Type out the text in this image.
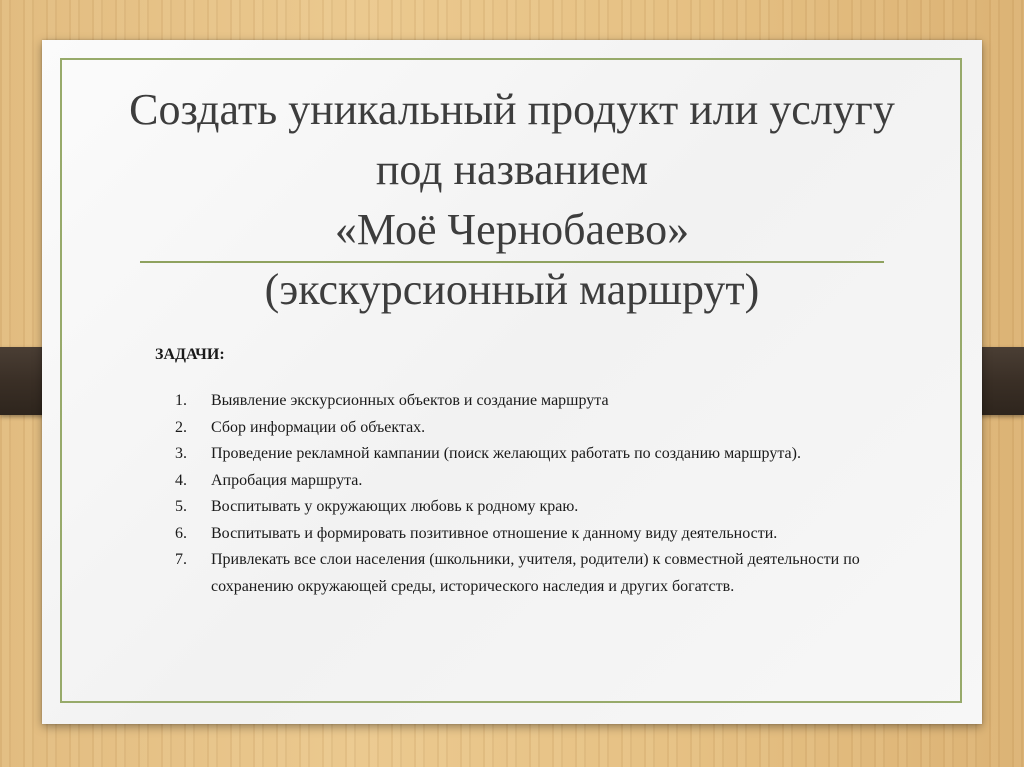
Создать уникальный продукт или услугу
под названием
«Моё Чернобаево»
(экскурсионный маршрут)
ЗАДАЧИ:
1.	Выявление экскурсионных объектов и создание маршрута
2.	Сбор информации об объектах.
3.	Проведение рекламной кампании (поиск желающих работать по созданию маршрута).
4.	Апробация маршрута.
5.	Воспитывать у окружающих любовь к родному краю.
6.	Воспитывать и формировать позитивное отношение к данному виду деятельности.
7.	Привлекать все слои населения (школьники, учителя, родители) к совместной деятельности по сохранению окружающей среды, исторического наследия и других богатств.
